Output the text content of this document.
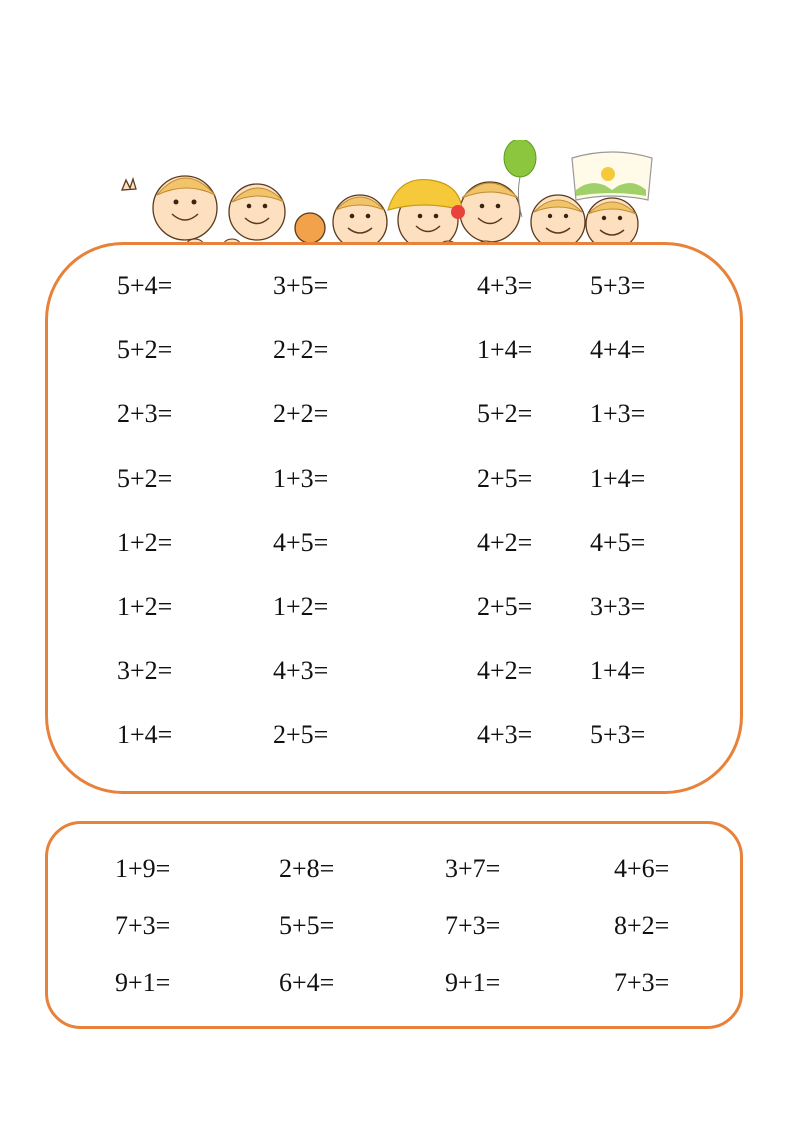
5+4=	3+5=	4+3= 5+3=
5+2=	2+2=	1+4= 4+4=
2+3=	2+2=	5+2= 1+3=
5+2=	1+3=	2+5= 1+4=
1+2=	4+5=	4+2= 4+5=
1+2=	1+2=	2+5= 3+3=
3+2=	4+3=	4+2= 1+4=
1+4=	2+5=	4+3= 5+3=
1+9=	2+8=	3+7=	4+6=
7+3=	5+5=	7+3=	8+2=
9+1=	6+4=	9+1=	7+3=
